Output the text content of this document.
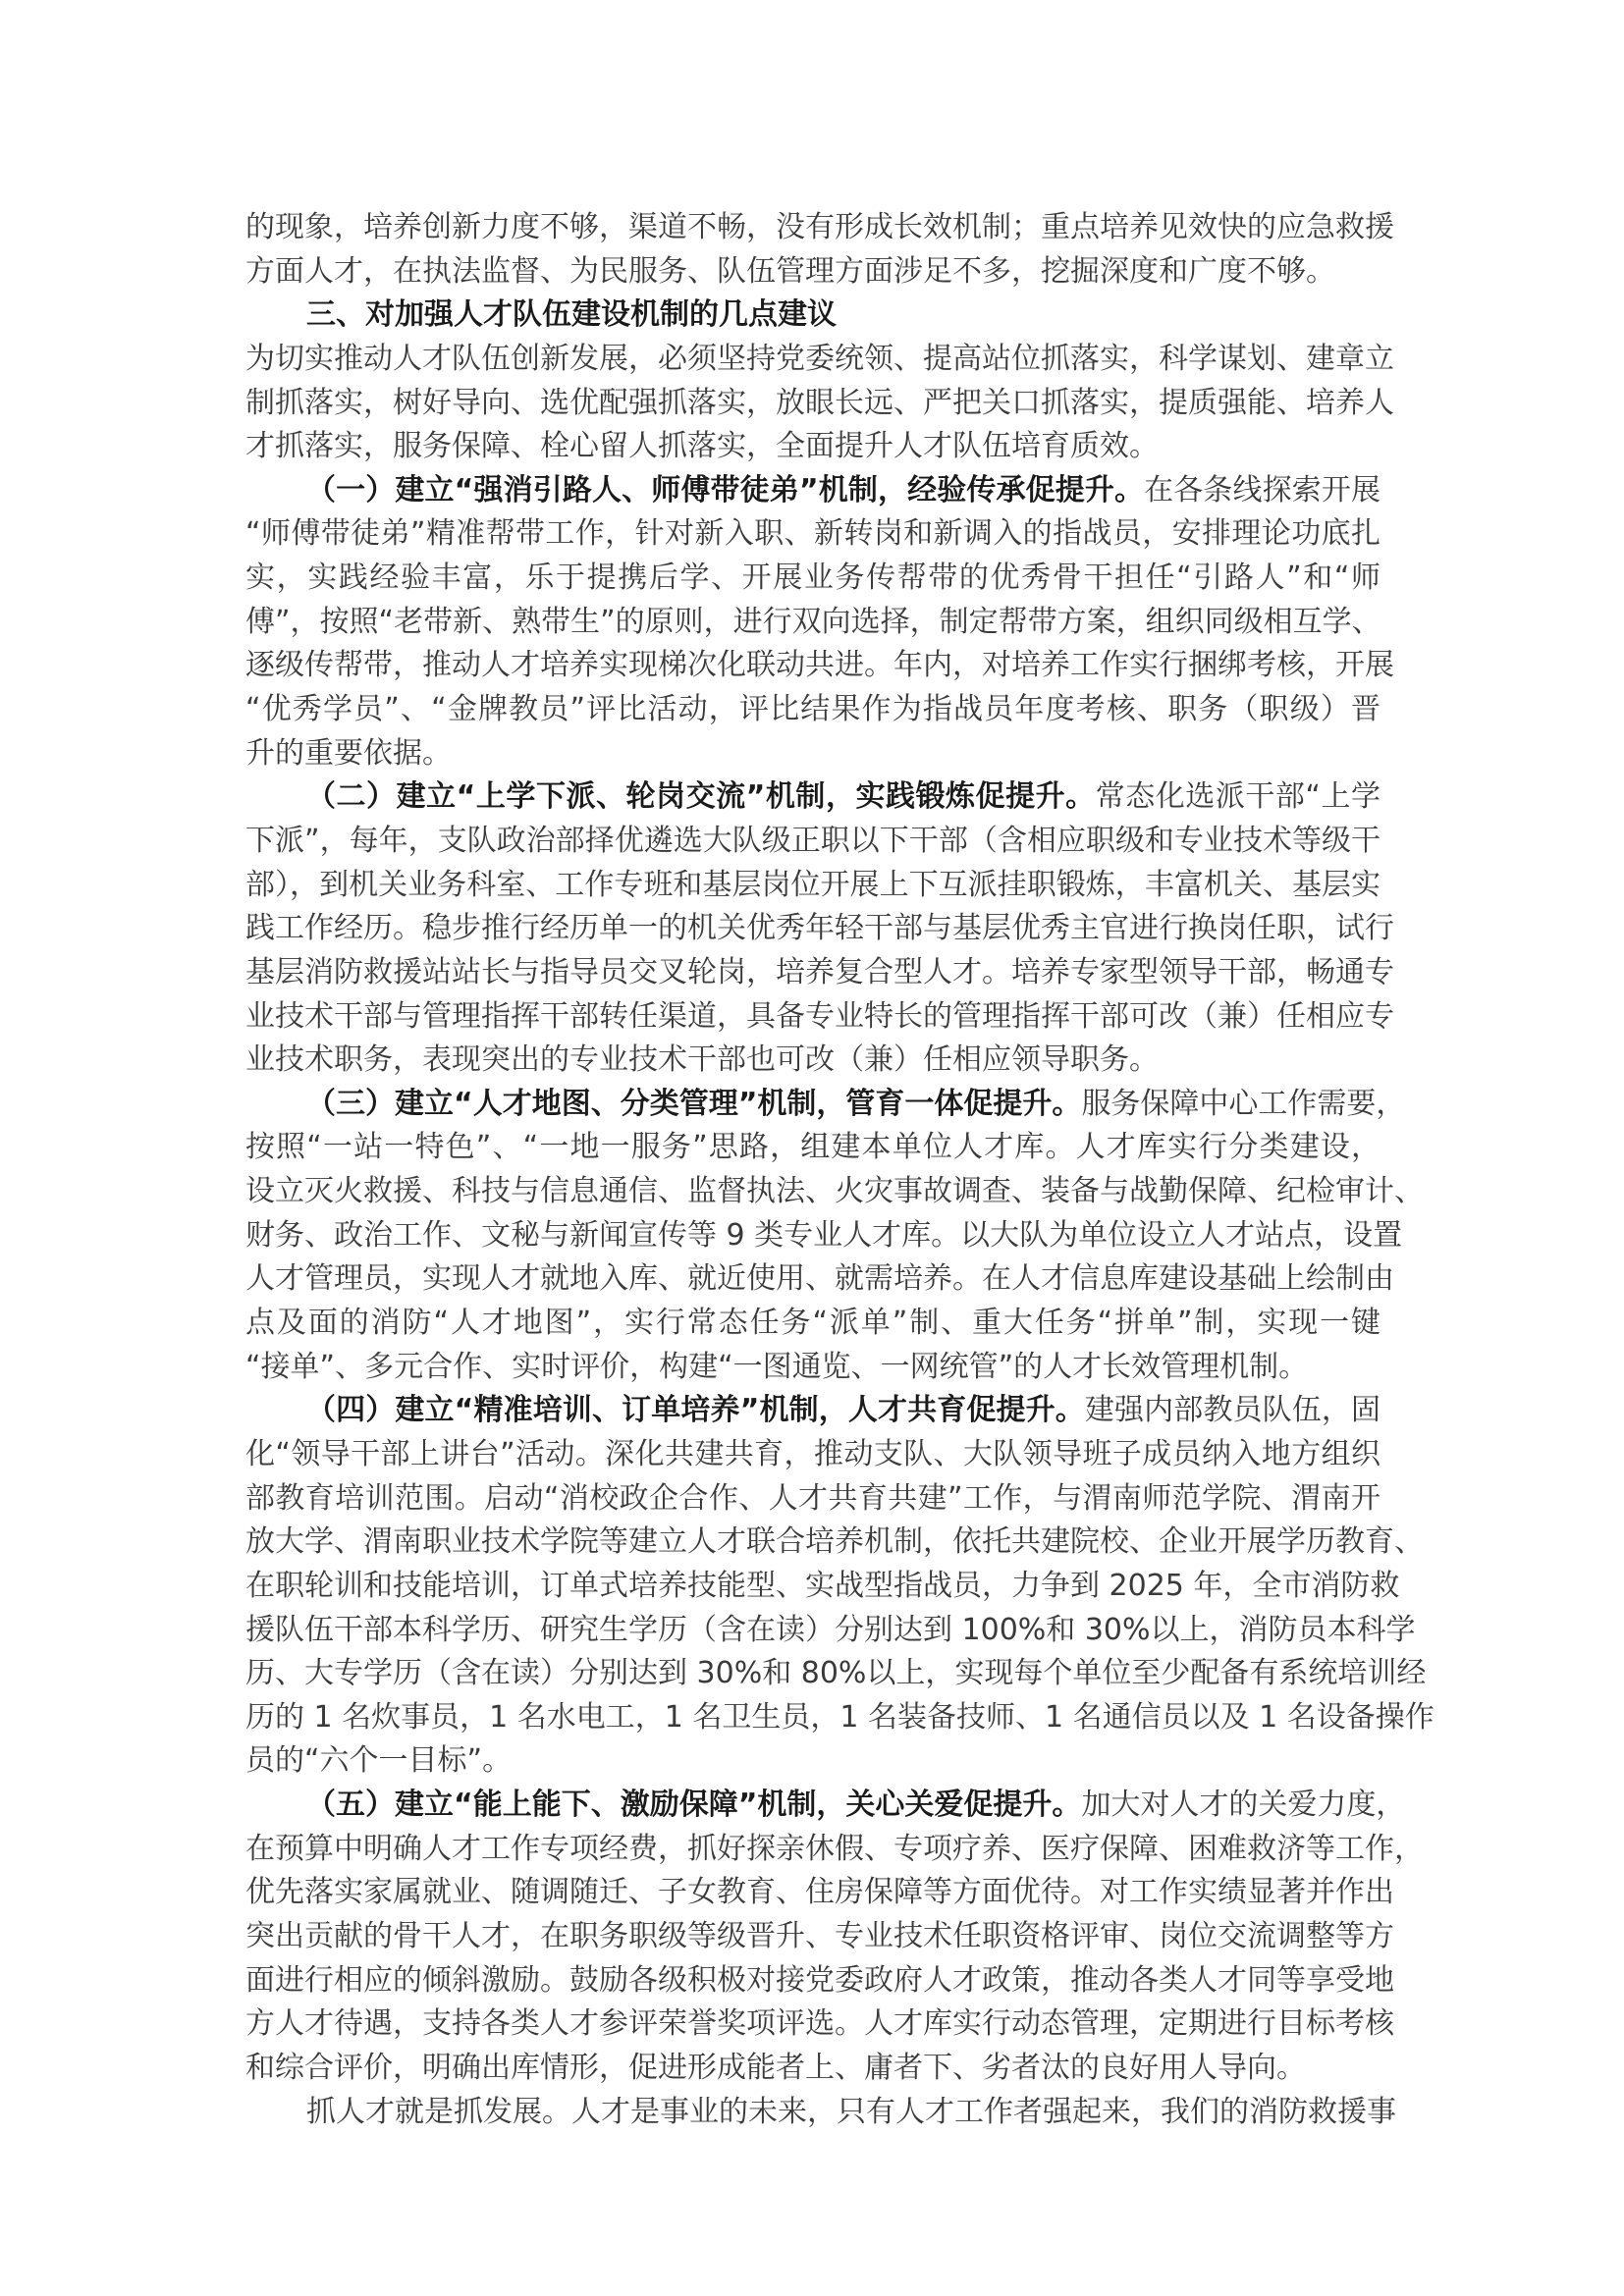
的现象，培养创新力度不够，渠道不畅，没有形成长效机制；重点培养见效快的应急救援
方面人才，在执法监督、为民服务、队伍管理方面涉足不多，挖掘深度和广度不够。
三、对加强人才队伍建设机制的几点建议
为切实推动人才队伍创新发展，必须坚持党委统领、提高站位抓落实，科学谋划、建章立
制抓落实，树好导向、选优配强抓落实，放眼长远、严把关口抓落实，提质强能、培养人
才抓落实，服务保障、栓心留人抓落实，全面提升人才队伍培育质效。
（一）建立“强消引路人、师傅带徒弟”机制，经验传承促提升。在各条线探索开展
“师傅带徒弟”精准帮带工作，针对新入职、新转岗和新调入的指战员，安排理论功底扎
实，实践经验丰富，乐于提携后学、开展业务传帮带的优秀骨干担任“引路人”和“师
傅”，按照“老带新、熟带生”的原则，进行双向选择，制定帮带方案，组织同级相互学、
逐级传帮带，推动人才培养实现梯次化联动共进。年内，对培养工作实行捆绑考核，开展
“优秀学员”、“金牌教员”评比活动，评比结果作为指战员年度考核、职务（职级）晋
升的重要依据。
（二）建立“上学下派、轮岗交流”机制，实践锻炼促提升。常态化选派干部“上学
下派”，每年，支队政治部择优遴选大队级正职以下干部（含相应职级和专业技术等级干
部），到机关业务科室、工作专班和基层岗位开展上下互派挂职锻炼，丰富机关、基层实
践工作经历。稳步推行经历单一的机关优秀年轻干部与基层优秀主官进行换岗任职，试行
基层消防救援站站长与指导员交叉轮岗，培养复合型人才。培养专家型领导干部，畅通专
业技术干部与管理指挥干部转任渠道，具备专业特长的管理指挥干部可改（兼）任相应专
业技术职务，表现突出的专业技术干部也可改（兼）任相应领导职务。
（三）建立“人才地图、分类管理”机制，管育一体促提升。服务保障中心工作需要，
按照“一站一特色”、“一地一服务”思路，组建本单位人才库。人才库实行分类建设，
设立灭火救援、科技与信息通信、监督执法、火灾事故调查、装备与战勤保障、纪检审计、
财务、政治工作、文秘与新闻宣传等 9 类专业人才库。以大队为单位设立人才站点，设置
人才管理员，实现人才就地入库、就近使用、就需培养。在人才信息库建设基础上绘制由
点及面的消防“人才地图”，实行常态任务“派单”制、重大任务“拼单”制，实现一键
“接单”、多元合作、实时评价，构建“一图通览、一网统管”的人才长效管理机制。
（四）建立“精准培训、订单培养”机制，人才共育促提升。建强内部教员队伍，固
化“领导干部上讲台”活动。深化共建共育，推动支队、大队领导班子成员纳入地方组织
部教育培训范围。启动“消校政企合作、人才共育共建”工作，与渭南师范学院、渭南开
放大学、渭南职业技术学院等建立人才联合培养机制，依托共建院校、企业开展学历教育、
在职轮训和技能培训，订单式培养技能型、实战型指战员，力争到 2025 年，全市消防救
援队伍干部本科学历、研究生学历（含在读）分别达到 100%和 30%以上，消防员本科学
历、大专学历（含在读）分别达到 30%和 80%以上，实现每个单位至少配备有系统培训经
历的 1 名炊事员，1 名水电工，1 名卫生员，1 名装备技师、1 名通信员以及 1 名设备操作
员的“六个一目标”。
（五）建立“能上能下、激励保障”机制，关心关爱促提升。加大对人才的关爱力度，
在预算中明确人才工作专项经费，抓好探亲休假、专项疗养、医疗保障、困难救济等工作，
优先落实家属就业、随调随迁、子女教育、住房保障等方面优待。对工作实绩显著并作出
突出贡献的骨干人才，在职务职级等级晋升、专业技术任职资格评审、岗位交流调整等方
面进行相应的倾斜激励。鼓励各级积极对接党委政府人才政策，推动各类人才同等享受地
方人才待遇，支持各类人才参评荣誉奖项评选。人才库实行动态管理，定期进行目标考核
和综合评价，明确出库情形，促进形成能者上、庸者下、劣者汰的良好用人导向。
抓人才就是抓发展。人才是事业的未来，只有人才工作者强起来，我们的消防救援事
